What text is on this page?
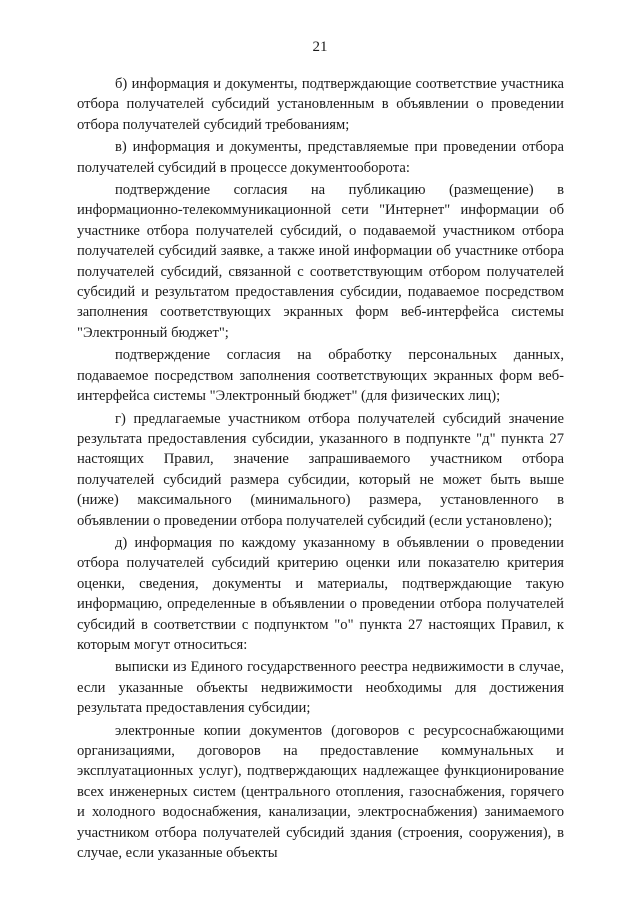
21

б) информация и документы, подтверждающие соответствие участника отбора получателей субсидий установленным в объявлении о проведении отбора получателей субсидий требованиям;

в) информация и документы, представляемые при проведении отбора получателей субсидий в процессе документооборота:

подтверждение согласия на публикацию (размещение) в информационно-телекоммуникационной сети "Интернет" информации об участнике отбора получателей субсидий, о подаваемой участником отбора получателей субсидий заявке, а также иной информации об участнике отбора получателей субсидий, связанной с соответствующим отбором получателей субсидий и результатом предоставления субсидии, подаваемое посредством заполнения соответствующих экранных форм веб-интерфейса системы "Электронный бюджет";

подтверждение согласия на обработку персональных данных, подаваемое посредством заполнения соответствующих экранных форм веб-интерфейса системы "Электронный бюджет" (для физических лиц);

г) предлагаемые участником отбора получателей субсидий значение результата предоставления субсидии, указанного в подпункте "д" пункта 27 настоящих Правил, значение запрашиваемого участником отбора получателей субсидий размера субсидии, который не может быть выше (ниже) максимального (минимального) размера, установленного в объявлении о проведении отбора получателей субсидий (если установлено);

д) информация по каждому указанному в объявлении о проведении отбора получателей субсидий критерию оценки или показателю критерия оценки, сведения, документы и материалы, подтверждающие такую информацию, определенные в объявлении о проведении отбора получателей субсидий в соответствии с подпунктом "о" пункта 27 настоящих Правил, к которым могут относиться:

выписки из Единого государственного реестра недвижимости в случае, если указанные объекты недвижимости необходимы для достижения результата предоставления субсидии;

электронные копии документов (договоров с ресурсоснабжающими организациями, договоров на предоставление коммунальных и эксплуатационных услуг), подтверждающих надлежащее функционирование всех инженерных систем (центрального отопления, газоснабжения, горячего и холодного водоснабжения, канализации, электроснабжения) занимаемого участником отбора получателей субсидий здания (строения, сооружения), в случае, если указанные объекты
